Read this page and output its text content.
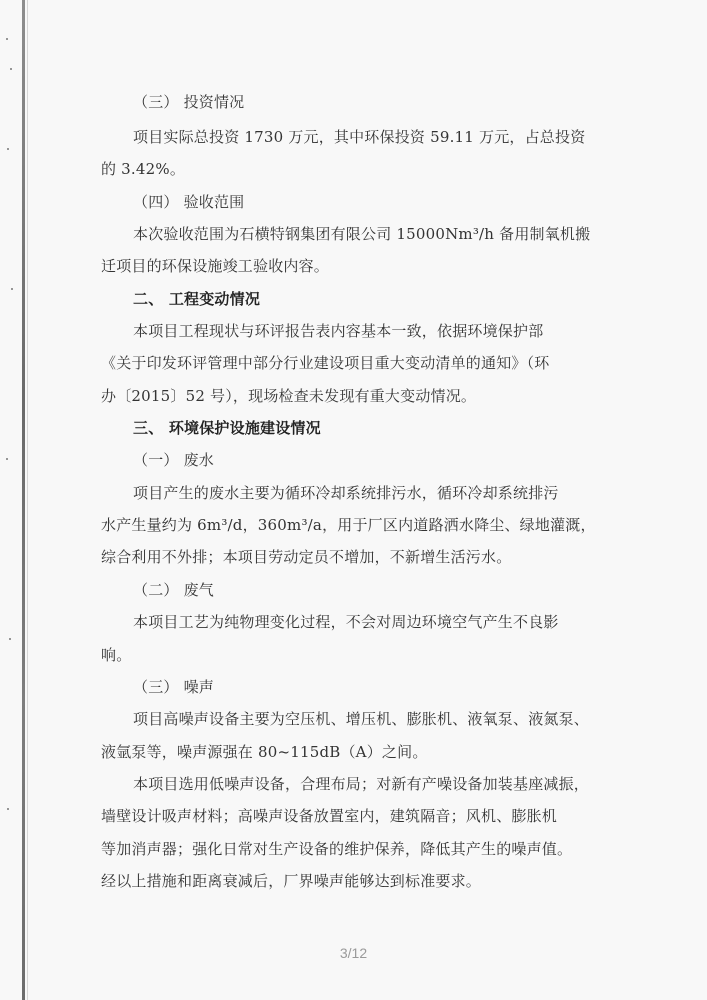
（三） 投资情况
项目实际总投资 1730 万元，其中环保投资 59.11 万元，占总投资
的 3.42%。
（四） 验收范围
本次验收范围为石横特钢集团有限公司 15000Nm³/h 备用制氧机搬
迁项目的环保设施竣工验收内容。
二、 工程变动情况
本项目工程现状与环评报告表内容基本一致，依据环境保护部
《关于印发环评管理中部分行业建设项目重大变动清单的通知》（环
办〔2015〕52 号），现场检查未发现有重大变动情况。
三、 环境保护设施建设情况
（一） 废水
项目产生的废水主要为循环冷却系统排污水，循环冷却系统排污
水产生量约为 6m³/d，360m³/a，用于厂区内道路洒水降尘、绿地灌溉，
综合利用不外排；本项目劳动定员不增加，不新增生活污水。
（二） 废气
本项目工艺为纯物理变化过程，不会对周边环境空气产生不良影
响。
（三） 噪声
项目高噪声设备主要为空压机、增压机、膨胀机、液氧泵、液氮泵、
液氩泵等，噪声源强在 80~115dB（A）之间。
本项目选用低噪声设备，合理布局；对新有产噪设备加装基座减振，
墙壁设计吸声材料；高噪声设备放置室内，建筑隔音；风机、膨胀机
等加消声器；强化日常对生产设备的维护保养，降低其产生的噪声值。
经以上措施和距离衰减后，厂界噪声能够达到标准要求。
3/12
